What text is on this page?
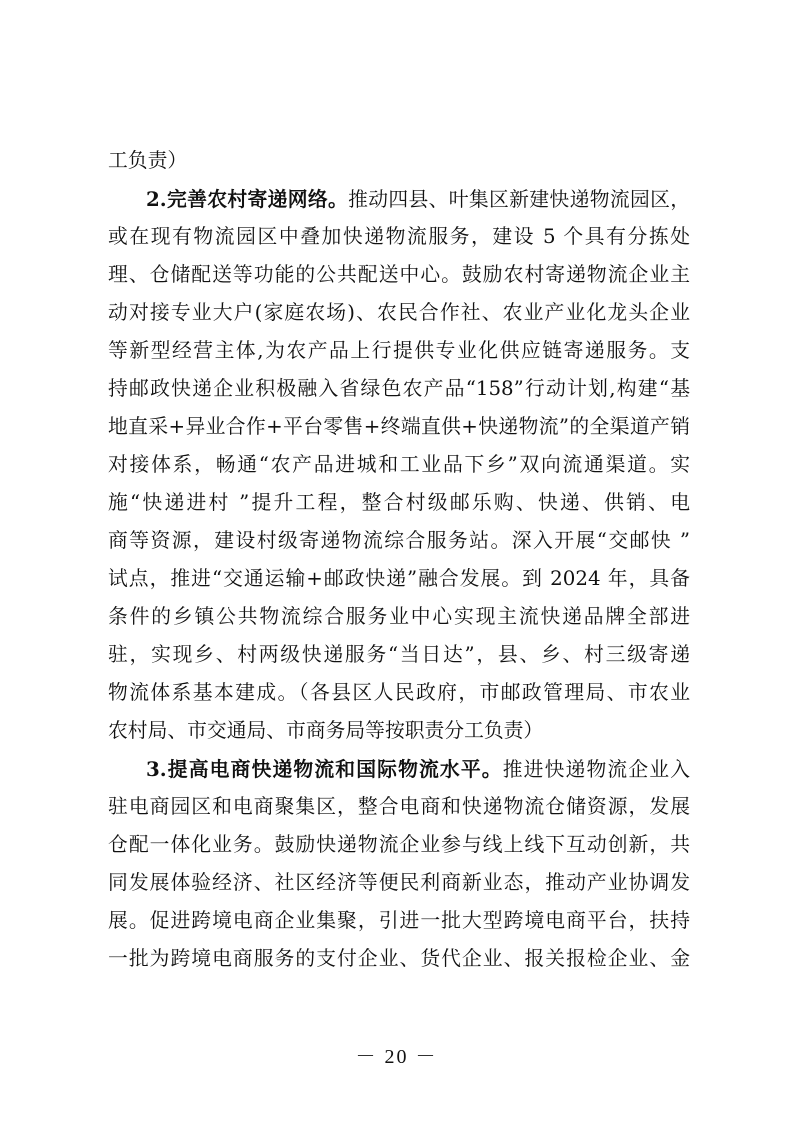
工负责）
2.完善农村寄递网络。推动四县、叶集区新建快递物流园区，
或在现有物流园区中叠加快递物流服务，建设 5 个具有分拣处
理、仓储配送等功能的公共配送中心。鼓励农村寄递物流企业主
动对接专业大户(家庭农场)、农民合作社、农业产业化龙头企业
等新型经营主体,为农产品上行提供专业化供应链寄递服务。支
持邮政快递企业积极融入省绿色农产品“158”行动计划,构建“基
地直采+异业合作+平台零售+终端直供+快递物流”的全渠道产销
对接体系，畅通“农产品进城和工业品下乡”双向流通渠道。实
施“快递进村 ”提升工程，整合村级邮乐购、快递、供销、电
商等资源，建设村级寄递物流综合服务站。深入开展“交邮快 ”
试点，推进“交通运输+邮政快递”融合发展。到 2024 年，具备
条件的乡镇公共物流综合服务业中心实现主流快递品牌全部进
驻，实现乡、村两级快递服务“当日达”，县、乡、村三级寄递
物流体系基本建成。（各县区人民政府，市邮政管理局、市农业
农村局、市交通局、市商务局等按职责分工负责）
3.提高电商快递物流和国际物流水平。推进快递物流企业入
驻电商园区和电商聚集区，整合电商和快递物流仓储资源，发展
仓配一体化业务。鼓励快递物流企业参与线上线下互动创新，共
同发展体验经济、社区经济等便民利商新业态，推动产业协调发
展。促进跨境电商企业集聚，引进一批大型跨境电商平台，扶持
一批为跨境电商服务的支付企业、货代企业、报关报检企业、金
－ 20 －
